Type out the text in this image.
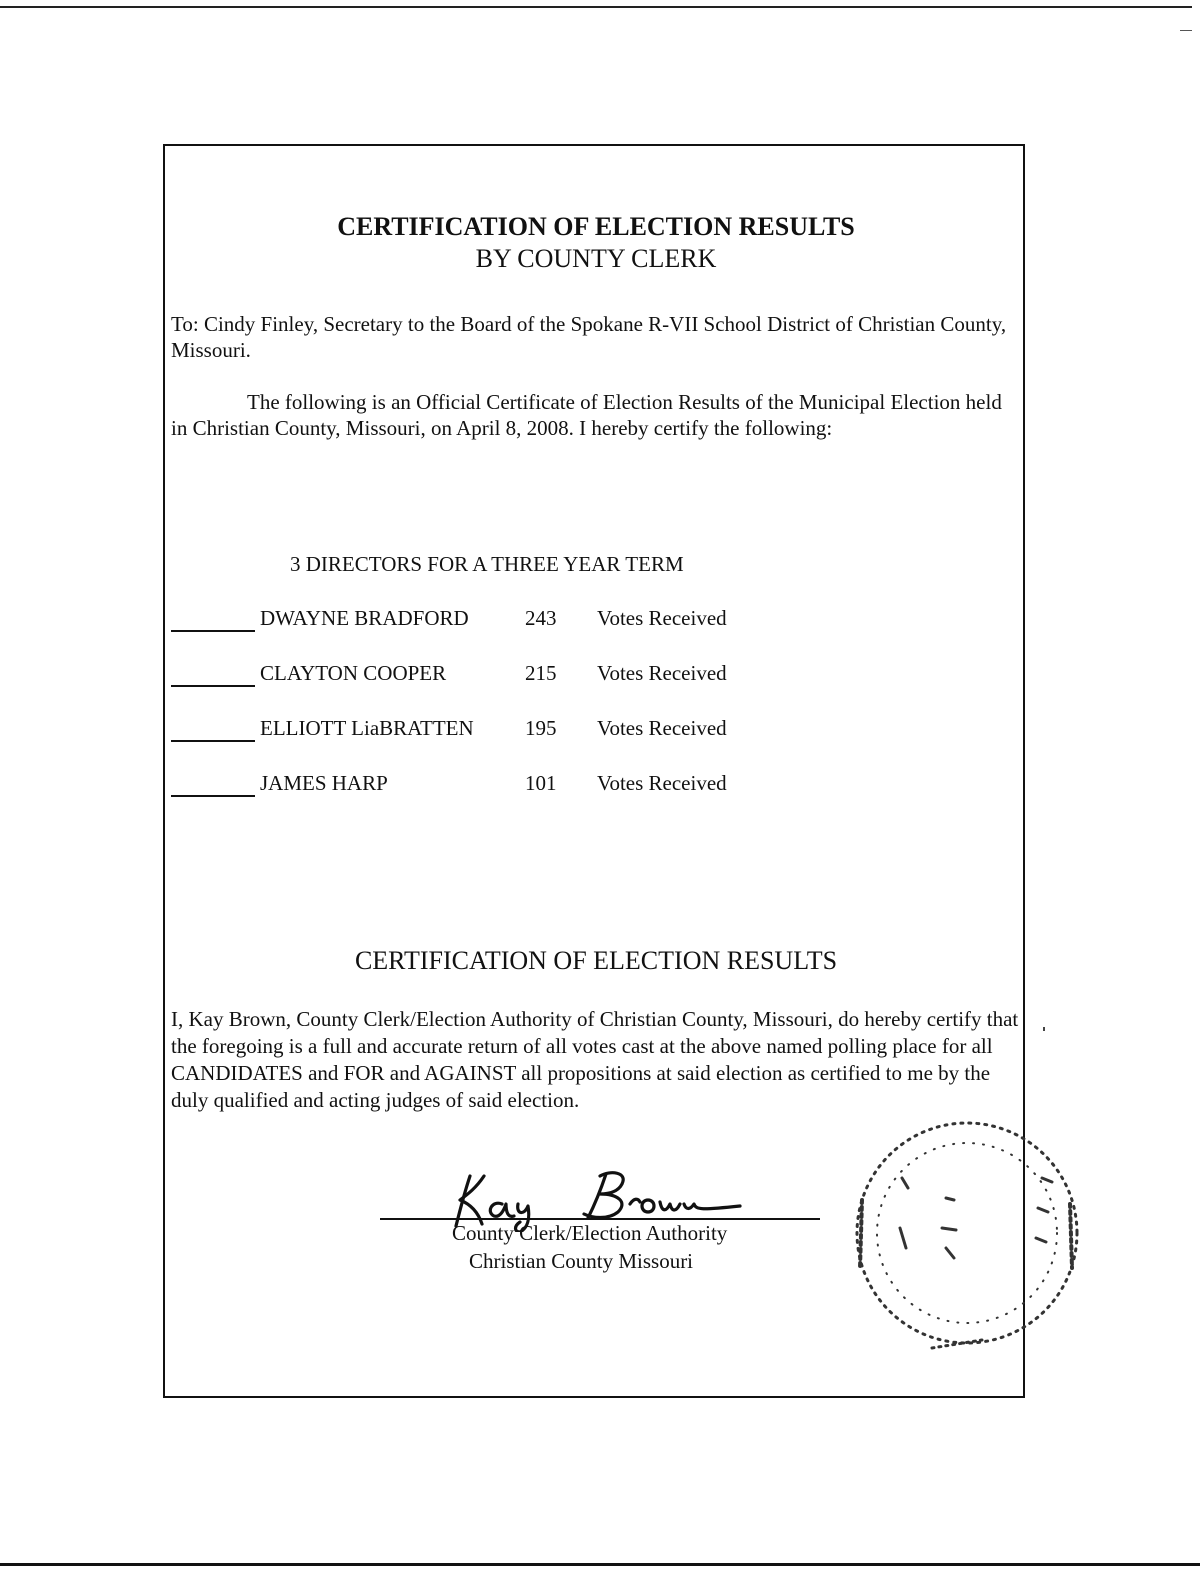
CERTIFICATION OF ELECTION RESULTS
BY COUNTY CLERK

To: Cindy Finley, Secretary to the Board of the Spokane R-VII School District of Christian County, Missouri.

The following is an Official Certificate of Election Results of the Municipal Election held in Christian County, Missouri, on April 8, 2008. I hereby certify the following:

3 DIRECTORS FOR A THREE YEAR TERM

DWAYNE BRADFORD	243 Votes Received
CLAYTON COOPER	215 Votes Received
ELLIOTT LiaBRATTEN 195 Votes Received
JAMES HARP	101 Votes Received
CERTIFICATION OF ELECTION RESULTS

I, Kay Brown, County Clerk/Election Authority of Christian County, Missouri, do hereby certify that the foregoing is a full and accurate return of all votes cast at the above named polling place for all CANDIDATES and FOR and AGAINST all propositions at said election as certified to me by the duly qualified and acting judges of said election.

County Clerk/Election Authority
Christian County Missouri
